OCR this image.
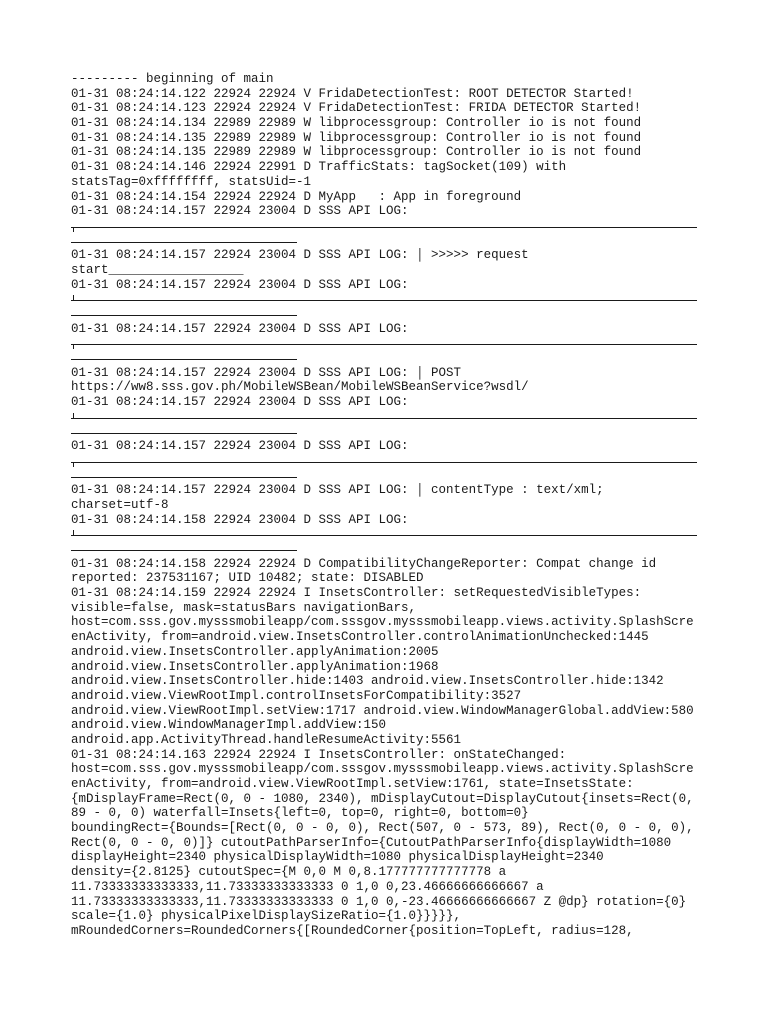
--------- beginning of main
01-31 08:24:14.122 22924 22924 V FridaDetectionTest: ROOT DETECTOR Started!
01-31 08:24:14.123 22924 22924 V FridaDetectionTest: FRIDA DETECTOR Started!
01-31 08:24:14.134 22989 22989 W libprocessgroup: Controller io is not found
01-31 08:24:14.135 22989 22989 W libprocessgroup: Controller io is not found
01-31 08:24:14.135 22989 22989 W libprocessgroup: Controller io is not found
01-31 08:24:14.146 22924 22991 D TrafficStats: tagSocket(109) with
statsTag=0xffffffff, statsUid=-1
01-31 08:24:14.154 22924 22924 D MyApp   : App in foreground
01-31 08:24:14.157 22924 23004 D SSS API LOG:
01-31 08:24:14.157 22924 23004 D SSS API LOG: │ >>>>> request
start__________________
01-31 08:24:14.157 22924 23004 D SSS API LOG:
01-31 08:24:14.157 22924 23004 D SSS API LOG:
01-31 08:24:14.157 22924 23004 D SSS API LOG: │ POST
https://ww8.sss.gov.ph/MobileWSBean/MobileWSBeanService?wsdl/
01-31 08:24:14.157 22924 23004 D SSS API LOG:
01-31 08:24:14.157 22924 23004 D SSS API LOG:
01-31 08:24:14.157 22924 23004 D SSS API LOG: │ contentType : text/xml;
charset=utf-8
01-31 08:24:14.158 22924 23004 D SSS API LOG:
01-31 08:24:14.158 22924 22924 D CompatibilityChangeReporter: Compat change id
reported: 237531167; UID 10482; state: DISABLED
01-31 08:24:14.159 22924 22924 I InsetsController: setRequestedVisibleTypes:
visible=false, mask=statusBars navigationBars,
host=com.sss.gov.mysssmobileapp/com.sssgov.mysssmobileapp.views.activity.SplashScre
enActivity, from=android.view.InsetsController.controlAnimationUnchecked:1445
android.view.InsetsController.applyAnimation:2005
android.view.InsetsController.applyAnimation:1968
android.view.InsetsController.hide:1403 android.view.InsetsController.hide:1342
android.view.ViewRootImpl.controlInsetsForCompatibility:3527
android.view.ViewRootImpl.setView:1717 android.view.WindowManagerGlobal.addView:580
android.view.WindowManagerImpl.addView:150
android.app.ActivityThread.handleResumeActivity:5561
01-31 08:24:14.163 22924 22924 I InsetsController: onStateChanged:
host=com.sss.gov.mysssmobileapp/com.sssgov.mysssmobileapp.views.activity.SplashScre
enActivity, from=android.view.ViewRootImpl.setView:1761, state=InsetsState:
{mDisplayFrame=Rect(0, 0 - 1080, 2340), mDisplayCutout=DisplayCutout{insets=Rect(0,
89 - 0, 0) waterfall=Insets{left=0, top=0, right=0, bottom=0}
boundingRect={Bounds=[Rect(0, 0 - 0, 0), Rect(507, 0 - 573, 89), Rect(0, 0 - 0, 0),
Rect(0, 0 - 0, 0)]} cutoutPathParserInfo={CutoutPathParserInfo{displayWidth=1080
displayHeight=2340 physicalDisplayWidth=1080 physicalDisplayHeight=2340
density={2.8125} cutoutSpec={M 0,0 M 0,8.177777777777778 a
11.73333333333333,11.73333333333333 0 1,0 0,23.46666666666667 a
11.73333333333333,11.73333333333333 0 1,0 0,-23.46666666666667 Z @dp} rotation={0}
scale={1.0} physicalPixelDisplaySizeRatio={1.0}}}}},
mRoundedCorners=RoundedCorners{[RoundedCorner{position=TopLeft, radius=128,
